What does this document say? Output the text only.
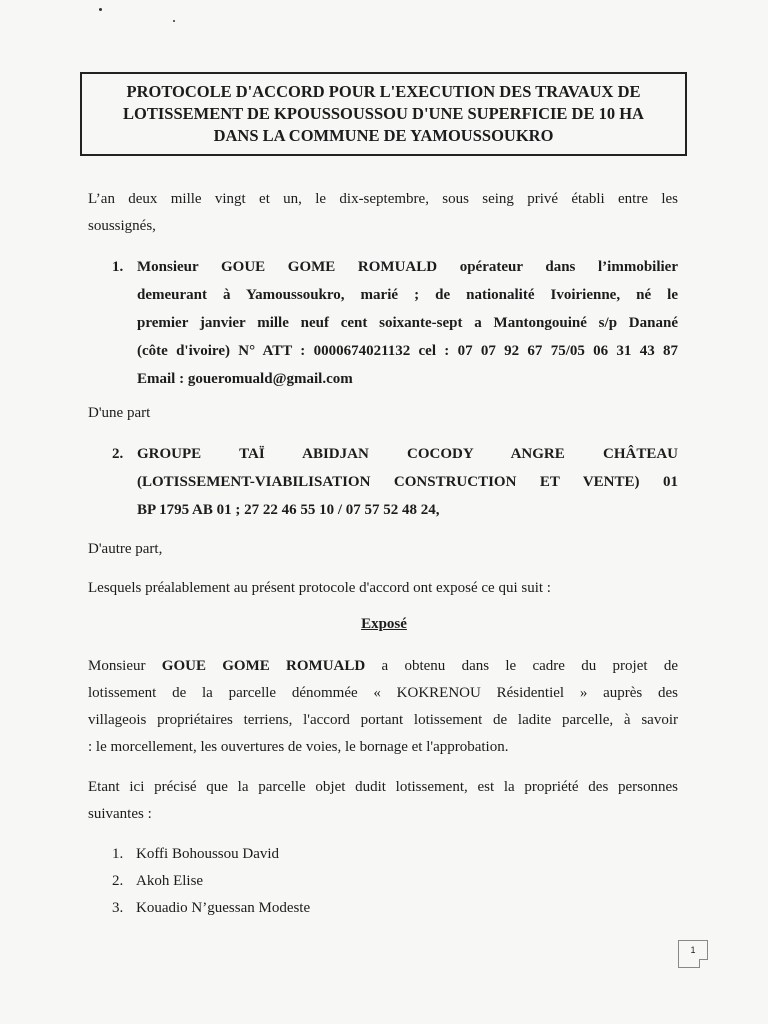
PROTOCOLE D'ACCORD POUR L'EXECUTION DES TRAVAUX DE
LOTISSEMENT DE KPOUSSOUSSOU D'UNE SUPERFICIE DE 10 HA
DANS LA COMMUNE DE YAMOUSSOUKRO
L’an deux mille vingt et un, le dix-septembre, sous seing privé établi entre les
soussignés,
1. Monsieur GOUE GOME ROMUALD opérateur dans l’immobilier
demeurant à Yamoussoukro, marié ; de nationalité Ivoirienne, né le
premier janvier mille neuf cent soixante-sept a Mantongouiné s/p Danané
(côte d'ivoire) N° ATT : 0000674021132 cel : 07 07 92 67 75/05 06 31 43 87
Email : goueromuald@gmail.com
D'une part
2. GROUPE TAÏ ABIDJAN COCODY ANGRE CHÂTEAU
(LOTISSEMENT-VIABILISATION CONSTRUCTION ET VENTE) 01
BP 1795 AB 01 ; 27 22 46 55 10 / 07 57 52 48 24,
D'autre part,
Lesquels préalablement au présent protocole d'accord ont exposé ce qui suit :
Exposé
Monsieur GOUE GOME ROMUALD a obtenu dans le cadre du projet de
lotissement de la parcelle dénommée « KOKRENOU Résidentiel » auprès des
villageois propriétaires terriens, l'accord portant lotissement de ladite parcelle, à savoir
: le morcellement, les ouvertures de voies, le bornage et l'approbation.
Etant ici précisé que la parcelle objet dudit lotissement, est la propriété des personnes
suivantes :
1. Koffi Bohoussou David
2. Akoh Elise
3. Kouadio N’guessan Modeste
1
